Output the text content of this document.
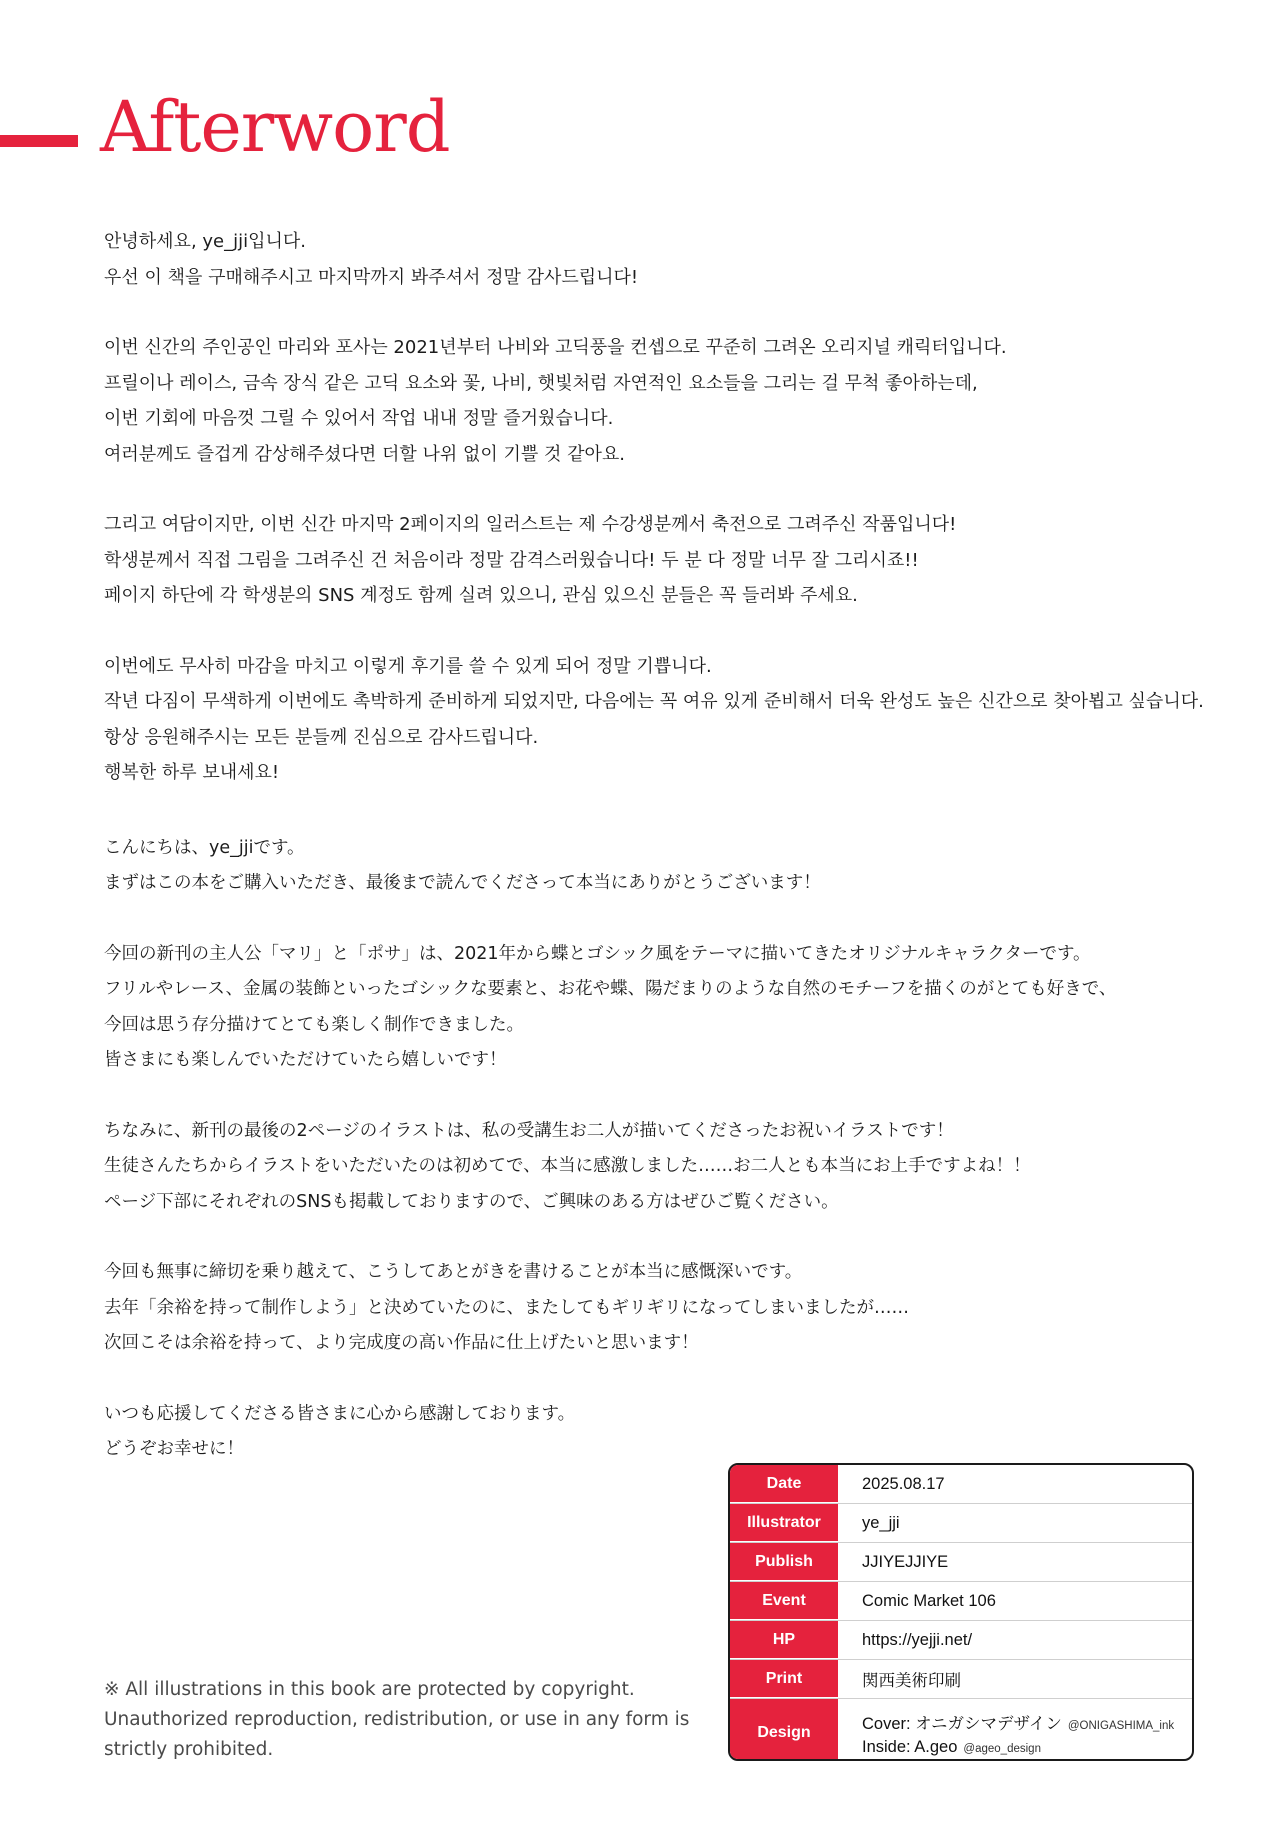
Afterword

안녕하세요, ye_jji입니다.
우선 이 책을 구매해주시고 마지막까지 봐주셔서 정말 감사드립니다!

이번 신간의 주인공인 마리와 포사는 2021년부터 나비와 고딕풍을 컨셉으로 꾸준히 그려온 오리지널 캐릭터입니다.
프릴이나 레이스, 금속 장식 같은 고딕 요소와 꽃, 나비, 햇빛처럼 자연적인 요소들을 그리는 걸 무척 좋아하는데,
이번 기회에 마음껏 그릴 수 있어서 작업 내내 정말 즐거웠습니다.
여러분께도 즐겁게 감상해주셨다면 더할 나위 없이 기쁠 것 같아요.

그리고 여담이지만, 이번 신간 마지막 2페이지의 일러스트는 제 수강생분께서 축전으로 그려주신 작품입니다!
학생분께서 직접 그림을 그려주신 건 처음이라 정말 감격스러웠습니다! 두 분 다 정말 너무 잘 그리시죠!!
페이지 하단에 각 학생분의 SNS 계정도 함께 실려 있으니, 관심 있으신 분들은 꼭 들러봐 주세요.

이번에도 무사히 마감을 마치고 이렇게 후기를 쓸 수 있게 되어 정말 기쁩니다.
작년 다짐이 무색하게 이번에도 촉박하게 준비하게 되었지만, 다음에는 꼭 여유 있게 준비해서 더욱 완성도 높은 신간으로 찾아뵙고 싶습니다.
항상 응원해주시는 모든 분들께 진심으로 감사드립니다.
행복한 하루 보내세요!

こんにちは、ye_jjiです。
まずはこの本をご購入いただき、最後まで読んでくださって本当にありがとうございます！

今回の新刊の主人公「マリ」と「ポサ」は、2021年から蝶とゴシック風をテーマに描いてきたオリジナルキャラクターです。
フリルやレース、金属の装飾といったゴシックな要素と、お花や蝶、陽だまりのような自然のモチーフを描くのがとても好きで、
今回は思う存分描けてとても楽しく制作できました。
皆さまにも楽しんでいただけていたら嬉しいです！

ちなみに、新刊の最後の2ページのイラストは、私の受講生お二人が描いてくださったお祝いイラストです！
生徒さんたちからイラストをいただいたのは初めてで、本当に感激しました……お二人とも本当にお上手ですよね！！
ページ下部にそれぞれのSNSも掲載しておりますので、ご興味のある方はぜひご覧ください。

今回も無事に締切を乗り越えて、こうしてあとがきを書けることが本当に感慨深いです。
去年「余裕を持って制作しよう」と決めていたのに、またしてもギリギリになってしまいましたが……
次回こそは余裕を持って、より完成度の高い作品に仕上げたいと思います！

いつも応援してくださる皆さまに心から感謝しております。
どうぞお幸せに！

※ All illustrations in this book are protected by copyright.
Unauthorized reproduction, redistribution, or use in any form is
strictly prohibited.
Date	2025.08.17
Illustrator	ye_jji
Publish	JJIYEJJIYE
Event	Comic Market 106
HP	https://yejji.net/
Print	関西美術印刷
Design	Cover: オニガシマデザイン @ONIGASHIMA_ink
Inside: A.geo @ageo_design
